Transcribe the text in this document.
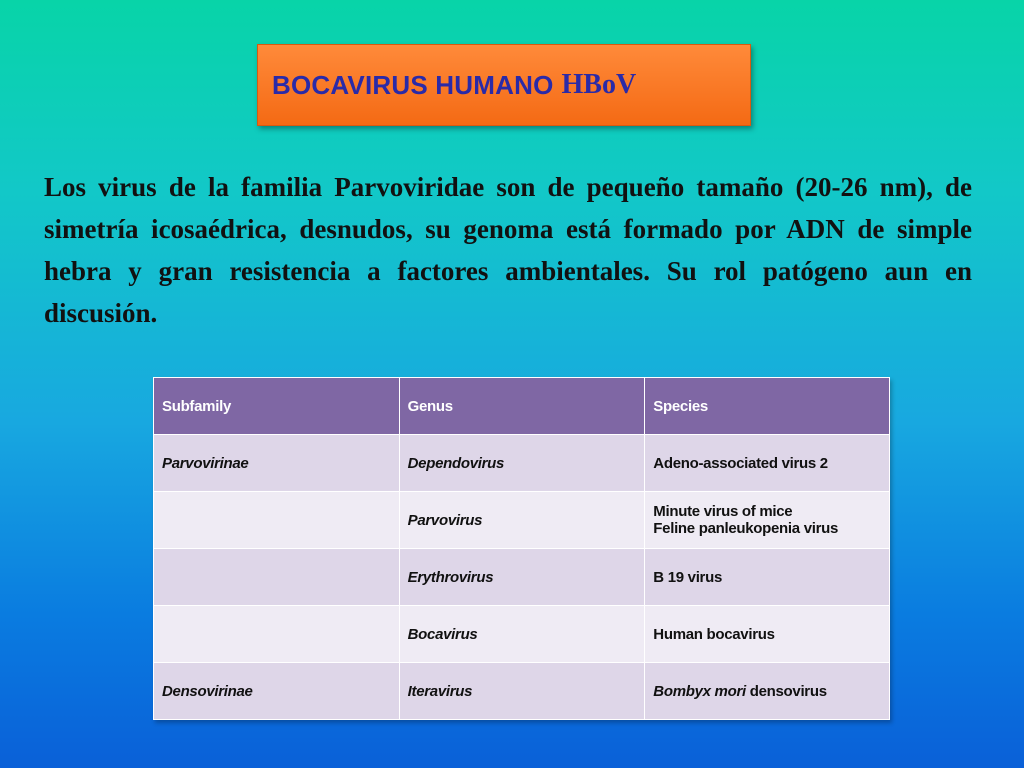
BOCAVIRUS HUMANO HBoV
Los virus de la familia Parvoviridae son de pequeño tamaño (20-26 nm), de simetría icosaédrica, desnudos, su genoma está formado por ADN de simple hebra y gran resistencia a factores ambientales. Su rol patógeno aun en discusión.
Subfamily	Genus	Species
Parvovirinae	Dependovirus	Adeno-associated virus 2
	Parvovirus	Minute virus of mice
Feline panleukopenia virus

	Erythrovirus	B 19 virus
	Bocavirus	Human bocavirus
Densovirinae	Iteravirus	Bombyx mori densovirus
